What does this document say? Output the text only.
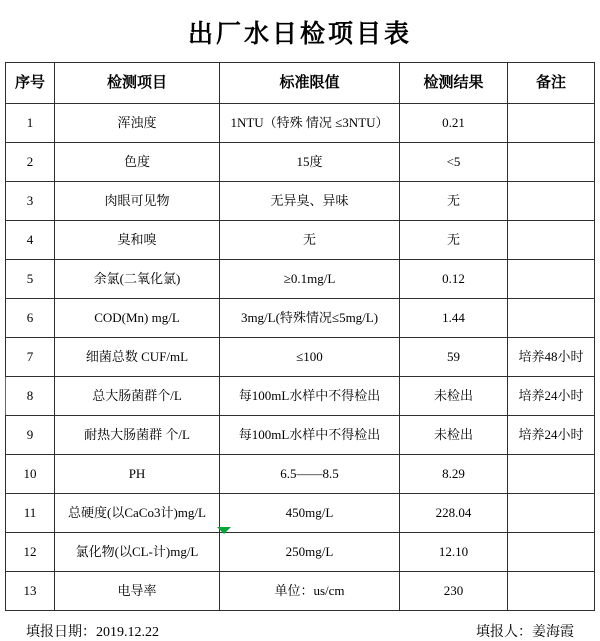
出厂水日检项目表
序号	检测项目	标准限值	检测结果	备注
1	浑浊度	1NTU（特殊 情况 ≤3NTU）	0.21	
2	色度	15度	<5	
3	肉眼可见物	无异臭、异味	无	
4	臭和嗅	无	无	
5	余氯(二氧化氯)	≥0.1mg/L	0.12	
6	COD(Mn) mg/L	3mg/L(特殊情况≤5mg/L)	1.44	
7	细菌总数 CUF/mL	≤100	59	培养48小时
8	总大肠菌群个/L	每100mL水样中不得检出	未检出	培养24小时
9	耐热大肠菌群 个/L	每100mL水样中不得检出	未检出	培养24小时
10	PH	6.5——8.5	8.29	
11	总硬度(以CaCo3计)mg/L	450mg/L	228.04	
12	氯化物(以CL-计)mg/L	250mg/L	12.10	
13	电导率	单位：us/cm	230	
填报日期：2019.12.22	填报人：姜海霞
